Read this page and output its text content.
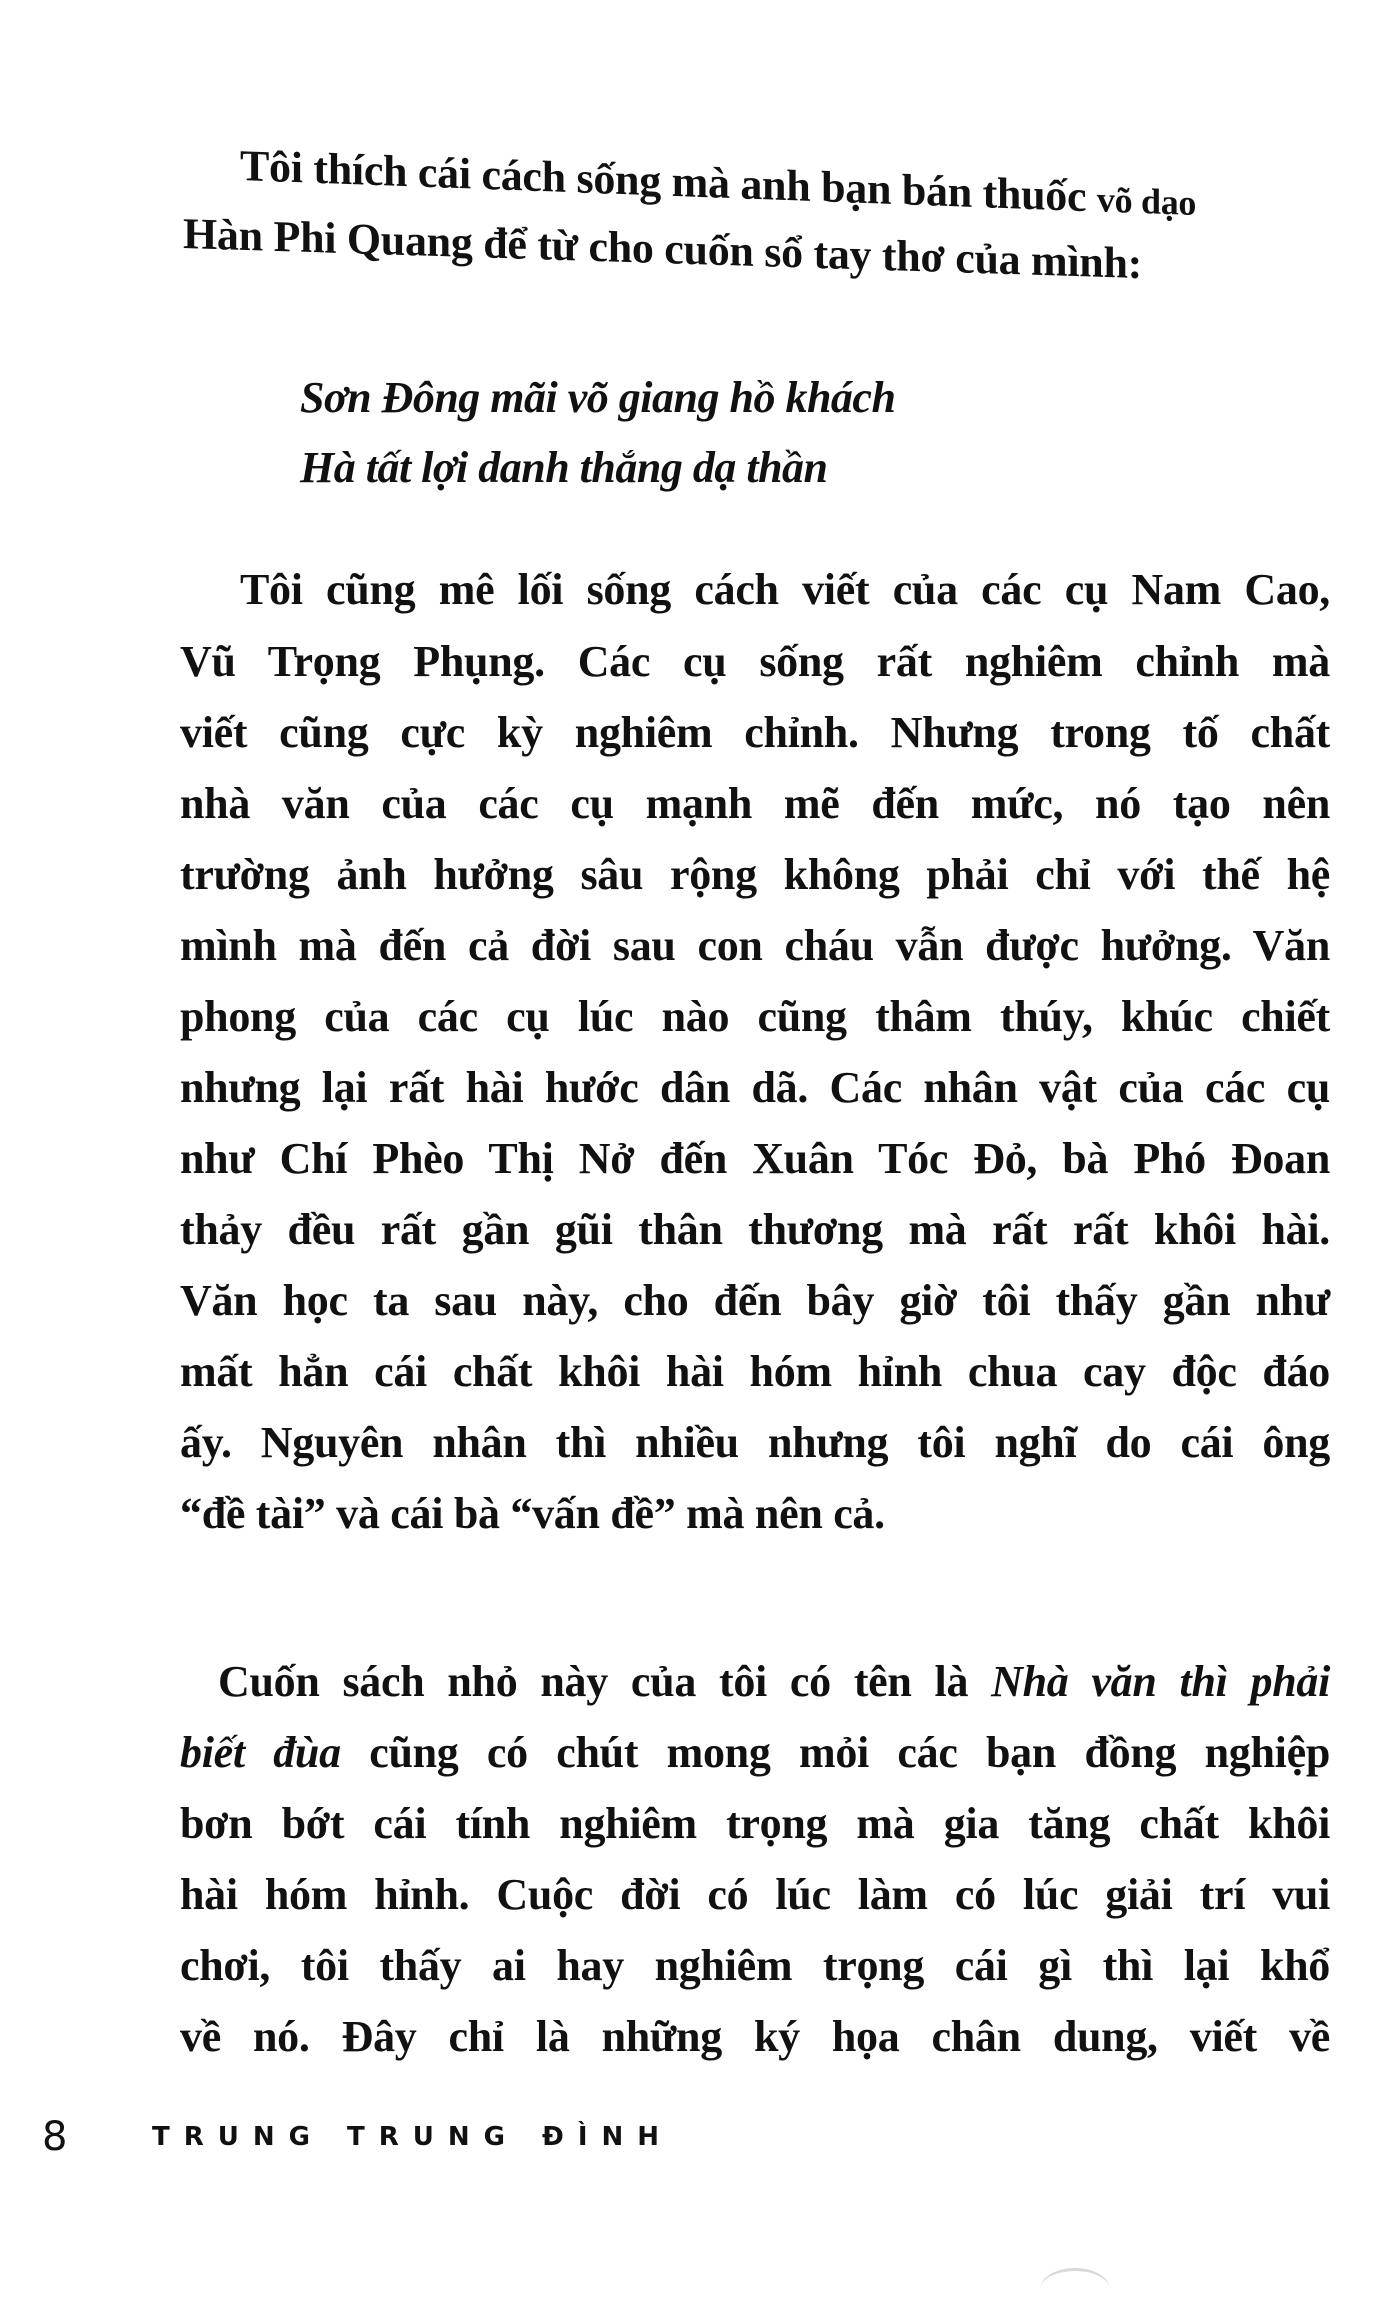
Tôi thích cái cách sống mà anh bạn bán thuốc võ dạo
Hàn Phi Quang để từ cho cuốn sổ tay thơ của mình:
Sơn Đông mãi võ giang hồ khách
Hà tất lợi danh thắng dạ thần
Tôi cũng mê lối sống cách viết của các cụ Nam Cao,
Vũ Trọng Phụng. Các cụ sống rất nghiêm chỉnh mà
viết cũng cực kỳ nghiêm chỉnh. Nhưng trong tố chất
nhà văn của các cụ mạnh mẽ đến mức, nó tạo nên
trường ảnh hưởng sâu rộng không phải chỉ với thế hệ
mình mà đến cả đời sau con cháu vẫn được hưởng. Văn
phong của các cụ lúc nào cũng thâm thúy, khúc chiết
nhưng lại rất hài hước dân dã. Các nhân vật của các cụ
như Chí Phèo Thị Nở đến Xuân Tóc Đỏ, bà Phó Đoan
thảy đều rất gần gũi thân thương mà rất rất khôi hài.
Văn học ta sau này, cho đến bây giờ tôi thấy gần như
mất hẳn cái chất khôi hài hóm hỉnh chua cay độc đáo
ấy. Nguyên nhân thì nhiều nhưng tôi nghĩ do cái ông
“đề tài” và cái bà “vấn đề” mà nên cả.
Cuốn sách nhỏ này của tôi có tên là Nhà văn thì phải
biết đùa cũng có chút mong mỏi các bạn đồng nghiệp
bơn bớt cái tính nghiêm trọng mà gia tăng chất khôi
hài hóm hỉnh. Cuộc đời có lúc làm có lúc giải trí vui
chơi, tôi thấy ai hay nghiêm trọng cái gì thì lại khổ
về nó. Đây chỉ là những ký họa chân dung, viết về
8	TRUNG TRUNG ĐÌNH
